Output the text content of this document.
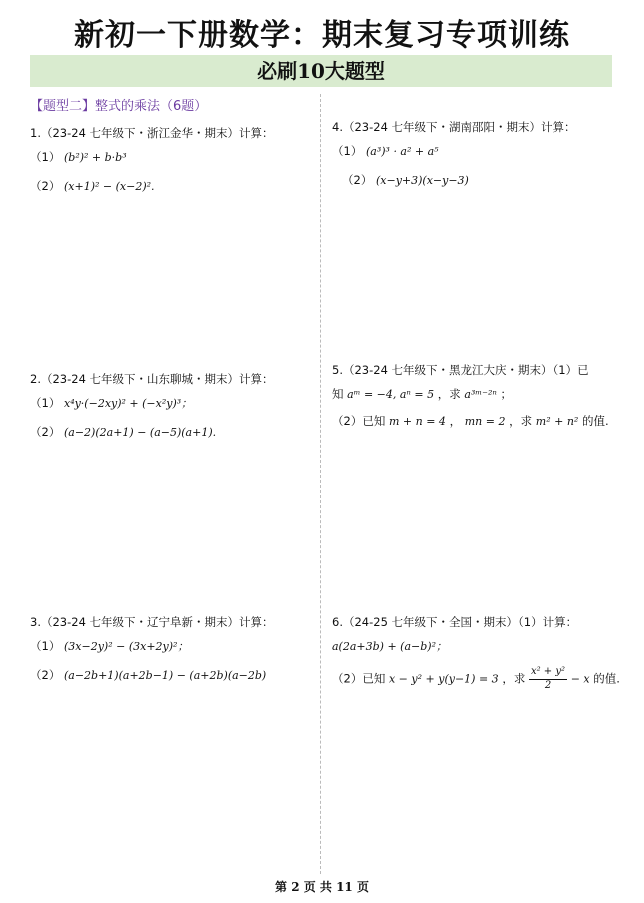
新初一下册数学：期末复习专项训练
必刷10大题型
【题型二】整式的乘法（6题）
1.（23-24 七年级下・浙江金华・期末）计算：
（1） (b²)² + b·b³
（2） (x+1)² − (x−2)².
2.（23-24 七年级下・山东聊城・期末）计算：
（1） x⁴y·(−2xy)² + (−x²y)³；
（2） (a−2)(2a+1) − (a−5)(a+1).
3.（23-24 七年级下・辽宁阜新・期末）计算：
（1） (3x−2y)² − (3x+2y)²；
（2） (a−2b+1)(a+2b−1) − (a+2b)(a−2b)
4.（23-24 七年级下・湖南邵阳・期末）计算：
（1） (a³)³ · a² + a⁵
（2） (x−y+3)(x−y−3)
5.（23-24 七年级下・黑龙江大庆・期末）（1）已
知 aᵐ = −4, aⁿ = 5 ，求 a³ᵐ⁻²ⁿ ；
（2）已知 m + n = 4 ， mn = 2 ，求 m² + n² 的值.
6.（24-25 七年级下・全国・期末）（1）计算：
a(2a+3b) + (a−b)²；
（2）已知 x − y² + y(y−1) = 3 ，求 $\frac{\text{x² + y²}}{2} - x$ 的值.
第 2 页 共 11 页
